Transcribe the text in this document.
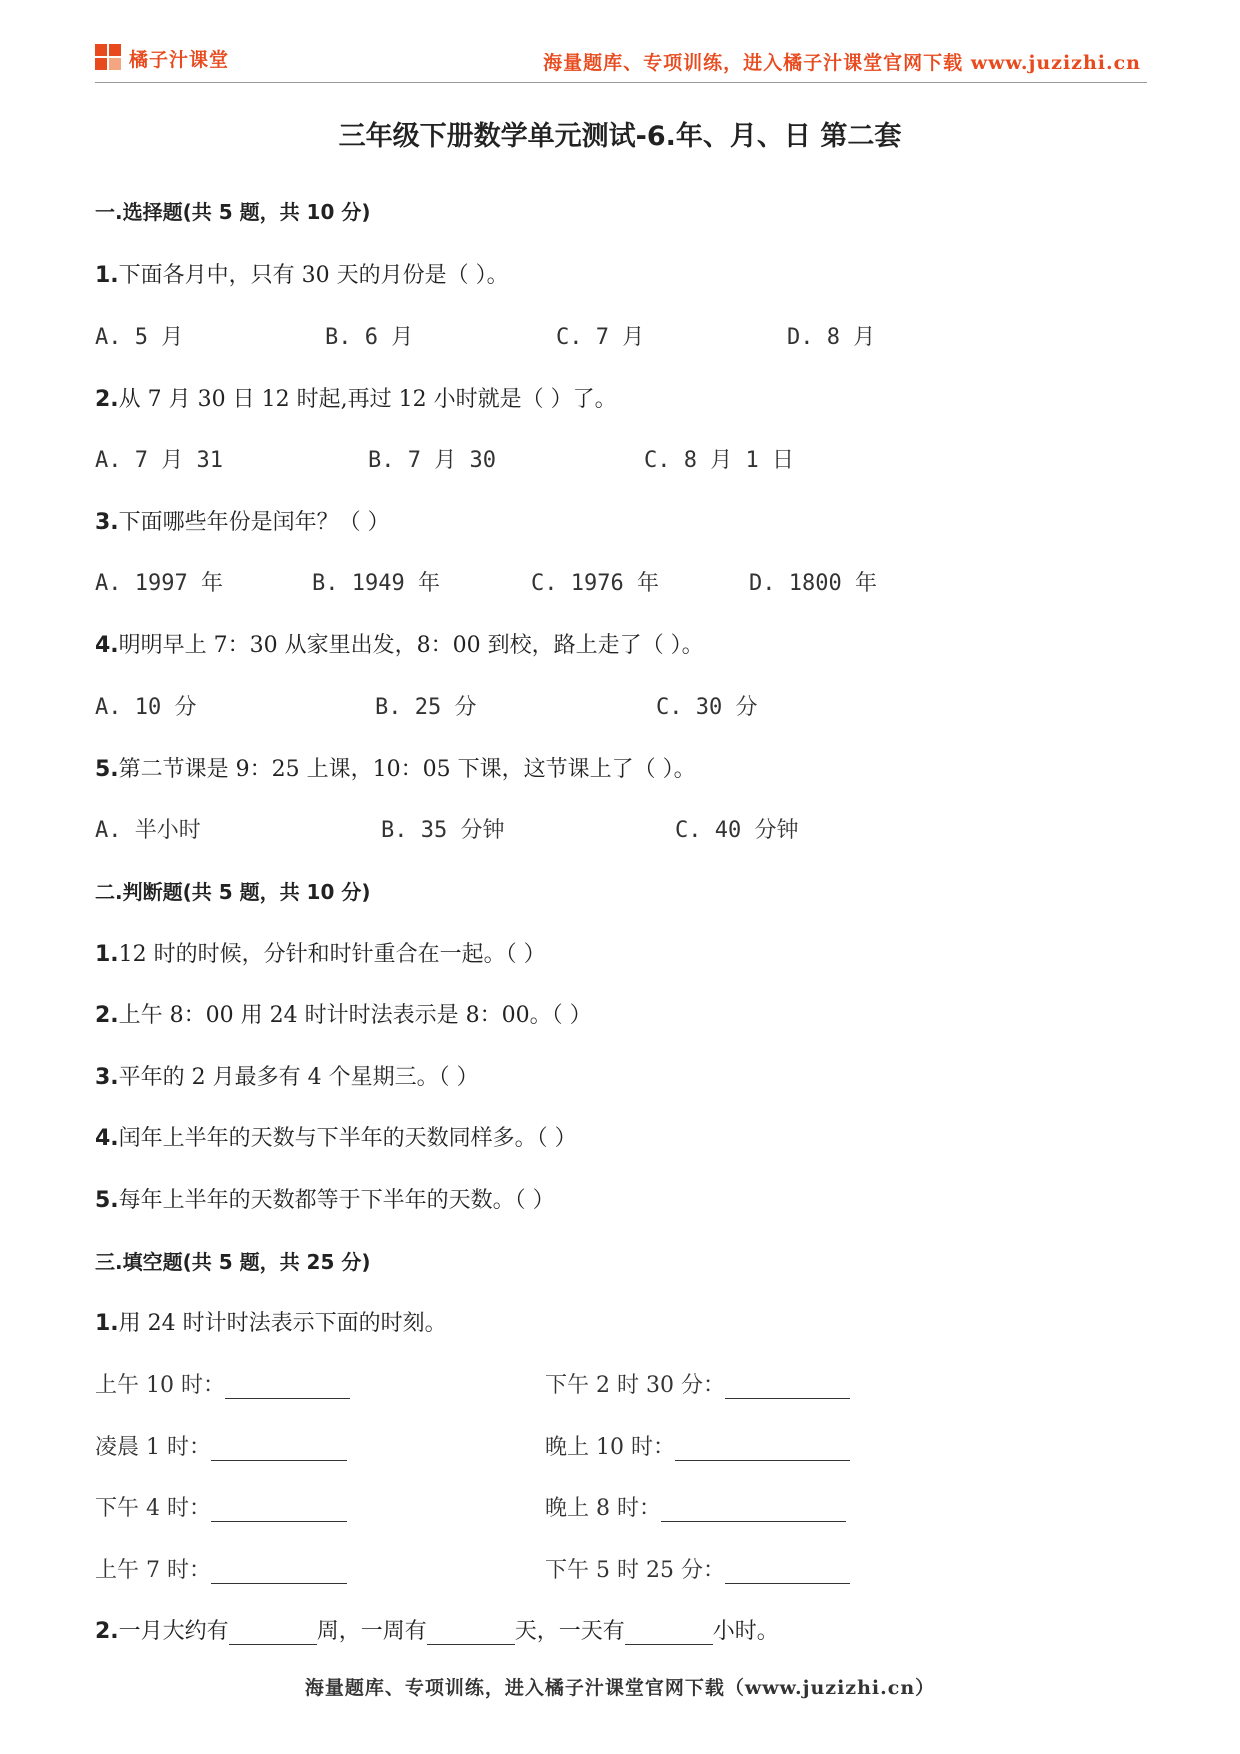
橘子汁课堂	海量题库、专项训练，进入橘子汁课堂官网下载 www.juzizhi.cn
三年级下册数学单元测试-6.年、月、日 第二套
一.选择题(共 5 题，共 10 分)
1.下面各月中，只有 30 天的月份是（ ）。
A. 5 月	B. 6 月	C. 7 月	D. 8 月
2.从 7 月 30 日 12 时起,再过 12 小时就是（ ）了。
A. 7 月 31	B. 7 月 30	C. 8 月 1 日
3.下面哪些年份是闰年？（ ）
A. 1997 年	B. 1949 年	C. 1976 年	D. 1800 年
4.明明早上 7：30 从家里出发，8：00 到校，路上走了（ ）。
A. 10 分	B. 25 分	C. 30 分
5.第二节课是 9：25 上课，10：05 下课，这节课上了（ ）。
A. 半小时	B. 35 分钟	C. 40 分钟
二.判断题(共 5 题，共 10 分)
1.12 时的时候，分针和时针重合在一起。（ ）
2.上午 8：00 用 24 时计时法表示是 8：00。（ ）
3.平年的 2 月最多有 4 个星期三。（ ）
4.闰年上半年的天数与下半年的天数同样多。（ ）
5.每年上半年的天数都等于下半年的天数。（ ）
三.填空题(共 5 题，共 25 分)
1.用 24 时计时法表示下面的时刻。
上午 10 时：	下午 2 时 30 分：
凌晨 1 时：	晚上 10 时：
下午 4 时：	晚上 8 时：
上午 7 时：	下午 5 时 25 分：
2.一月大约有	周，一周有	天，一天有	小时。
海量题库、专项训练，进入橘子汁课堂官网下载（www.juzizhi.cn）
